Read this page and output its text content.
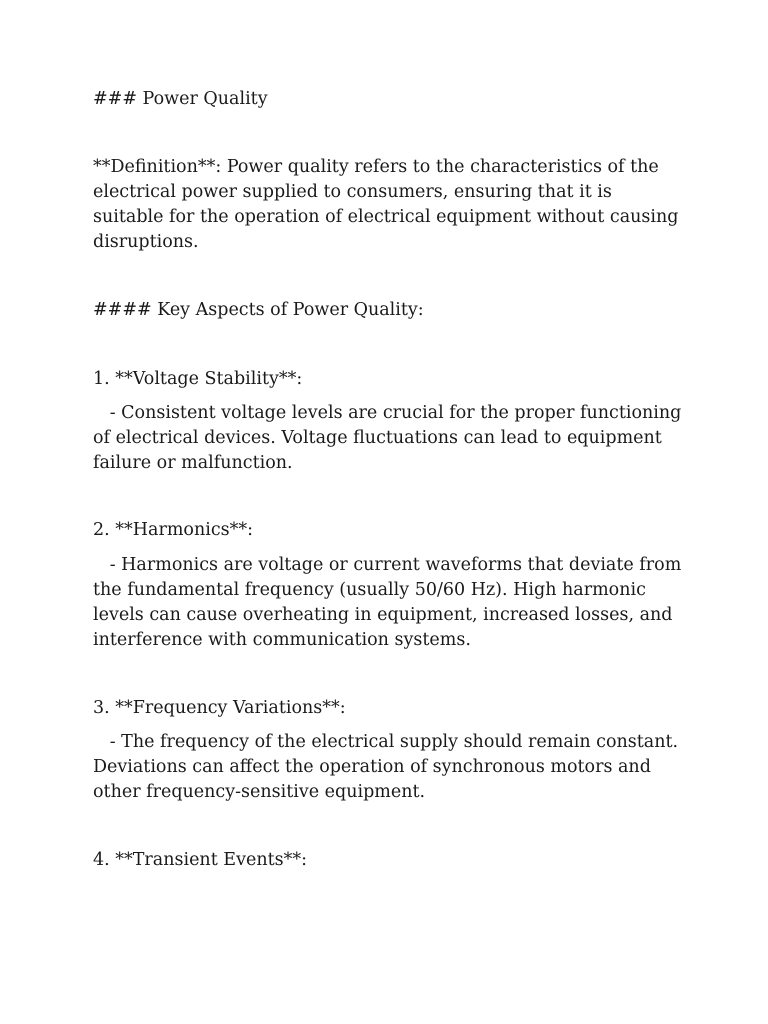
### Power Quality

**Definition**: Power quality refers to the characteristics of the

electrical power supplied to consumers, ensuring that it is

suitable for the operation of electrical equipment without causing

disruptions.

#### Key Aspects of Power Quality:

1. **Voltage Stability**:

- Consistent voltage levels are crucial for the proper functioning

of electrical devices. Voltage fluctuations can lead to equipment

failure or malfunction.

2. **Harmonics**:

- Harmonics are voltage or current waveforms that deviate from

the fundamental frequency (usually 50/60 Hz). High harmonic

levels can cause overheating in equipment, increased losses, and

interference with communication systems.

3. **Frequency Variations**:

- The frequency of the electrical supply should remain constant.

Deviations can affect the operation of synchronous motors and

other frequency-sensitive equipment.

4. **Transient Events**:
